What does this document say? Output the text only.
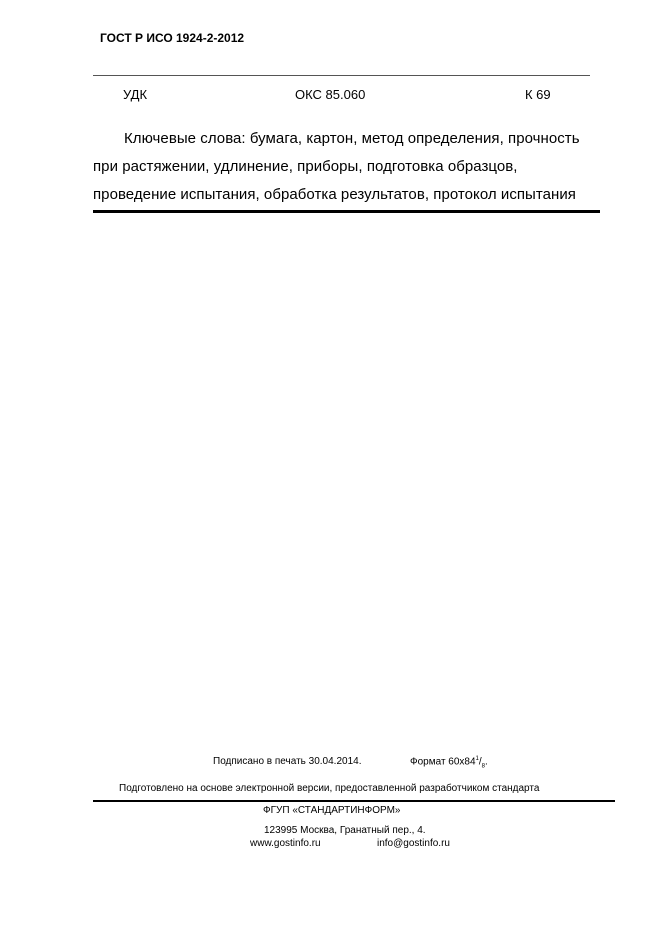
ГОСТ Р ИСО 1924-2-2012
УДК	ОКС 85.060	К 69
Ключевые слова: бумага, картон, метод определения, прочность
при растяжении, удлинение, приборы, подготовка образцов,
проведение испытания, обработка результатов, протокол испытания
Подписано в печать 30.04.2014.	Формат $60x84^1/_8$.
Подготовлено на основе электронной версии, предоставленной разработчиком стандарта
ФГУП «СТАНДАРТИНФОРМ»
123995 Москва, Гранатный пер., 4.
www.gostinfo.ru	info@gostinfo.ru
